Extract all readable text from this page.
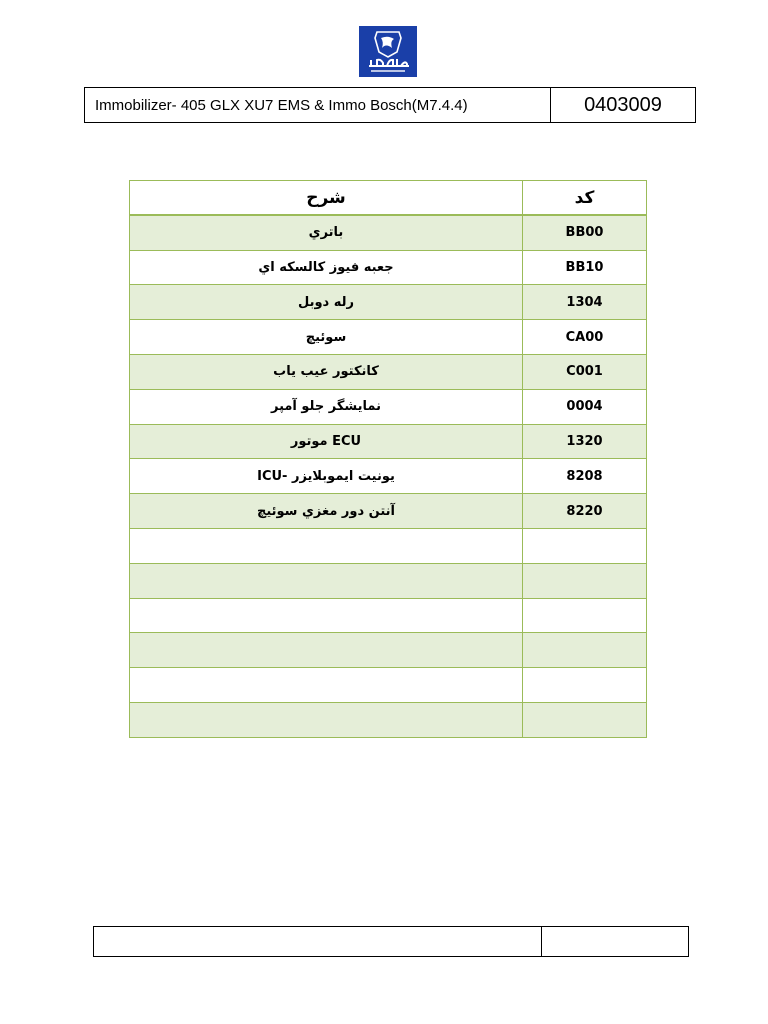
Immobilizer- 405 GLX XU7 EMS & Immo Bosch(M7.4.4)	0403009
شرح	کد
باتري	BB00
جعبه فيوز كالسكه اي	BB10
رله دوبل	1304
سوئیچ	CA00
كانكتور عيب ياب	C001
نمايشگر جلو آمپر	0004
ECU موتور	1320
یونیت ایموبلایزر -ICU	8208
آنتن دور مغزي سوئيچ	8220
